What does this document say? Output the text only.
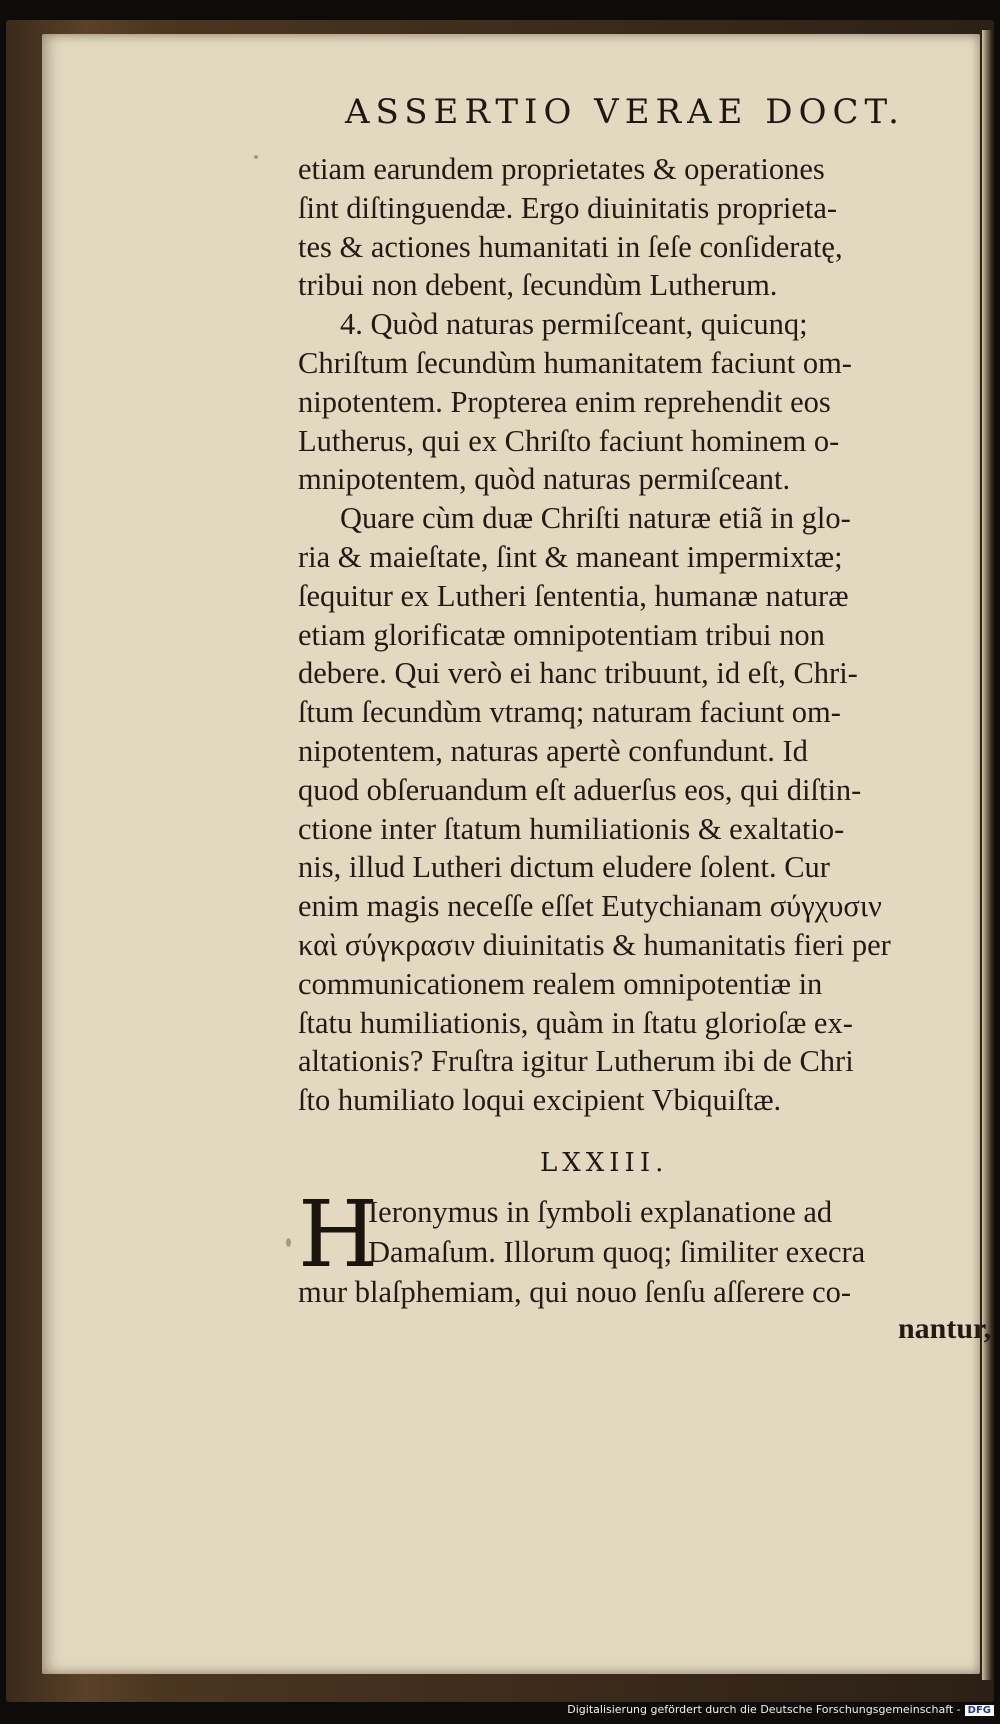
ASSERTIO VERAE DOCT.
etiam earundem proprietates & operationes
ſint diſtinguendæ. Ergo diuinitatis proprieta-
tes & actiones humanitati in ſeſe conſideratę,
tribui non debent, ſecundùm Lutherum.
4. Quòd naturas permiſceant, quicunq;
Chriſtum ſecundùm humanitatem faciunt om-
nipotentem. Propterea enim reprehendit eos
Lutherus, qui ex Chriſto faciunt hominem o-
mnipotentem, quòd naturas permiſceant.
Quare cùm duæ Chriſti naturæ etiã in glo-
ria & maieſtate, ſint & maneant impermixtæ;
ſequitur ex Lutheri ſententia, humanæ naturæ
etiam glorificatæ omnipotentiam tribui non
debere. Qui verò ei hanc tribuunt, id eſt, Chri-
ſtum ſecundùm vtramq; naturam faciunt om-
nipotentem, naturas apertè confundunt. Id
quod obſeruandum eſt aduerſus eos, qui diſtin-
ctione inter ſtatum humiliationis & exaltatio-
nis, illud Lutheri dictum eludere ſolent. Cur
enim magis neceſſe eſſet Eutychianam σύγχυσιν
καὶ σύγκρασιν diuinitatis & humanitatis fieri per
communicationem realem omnipotentiæ in
ſtatu humiliationis, quàm in ſtatu glorioſæ ex-
altationis? Fruſtra igitur Lutherum ibi de Chri
ſto humiliato loqui excipient Vbiquiſtæ.
LXXIII.
H
Ieronymus in ſymboli explanatione ad
Damaſum. Illorum quoq; ſimiliter execra
mur blaſphemiam, qui nouo ſenſu aſſerere co-
nantur,
Digitalisierung gefördert durch die Deutsche Forschungsgemeinschaft - DFG
